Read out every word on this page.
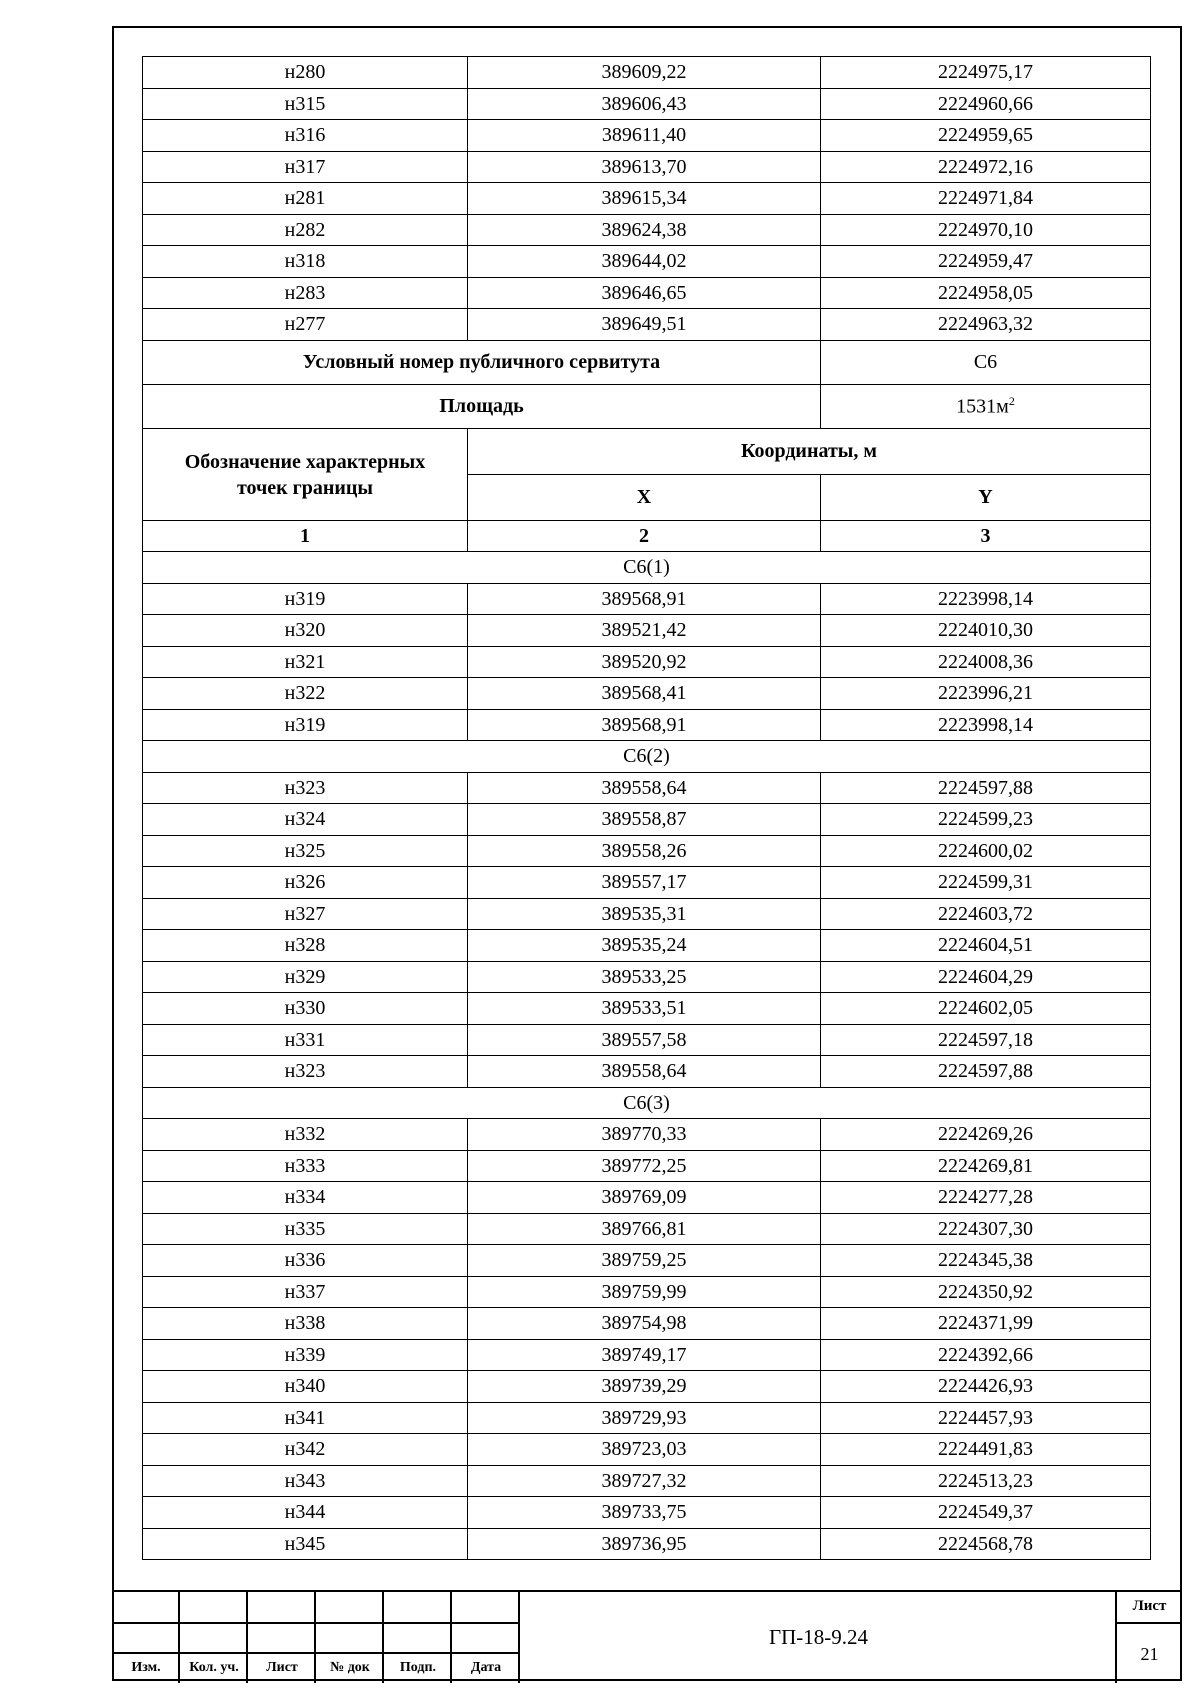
н280	389609,22	2224975,17
н315	389606,43	2224960,66
н316	389611,40	2224959,65
н317	389613,70	2224972,16
н281	389615,34	2224971,84
н282	389624,38	2224970,10
н318	389644,02	2224959,47
н283	389646,65	2224958,05
н277	389649,51	2224963,32
Условный номер публичного сервитута		С6
Площадь		$1531м^2$
Обозначение характерных
точек границы	Координаты, м	
	X	Y
1	2	3
С6(1)		
н319	389568,91	2223998,14
н320	389521,42	2224010,30
н321	389520,92	2224008,36
н322	389568,41	2223996,21
н319	389568,91	2223998,14
С6(2)		
н323	389558,64	2224597,88
н324	389558,87	2224599,23
н325	389558,26	2224600,02
н326	389557,17	2224599,31
н327	389535,31	2224603,72
н328	389535,24	2224604,51
н329	389533,25	2224604,29
н330	389533,51	2224602,05
н331	389557,58	2224597,18
н323	389558,64	2224597,88
С6(3)		
н332	389770,33	2224269,26
н333	389772,25	2224269,81
н334	389769,09	2224277,28
н335	389766,81	2224307,30
н336	389759,25	2224345,38
н337	389759,99	2224350,92
н338	389754,98	2224371,99
н339	389749,17	2224392,66
н340	389739,29	2224426,93
н341	389729,93	2224457,93
н342	389723,03	2224491,83
н343	389727,32	2224513,23
н344	389733,75	2224549,37
н345	389736,95	2224568,78
Изм.	Кол. уч.	Лист	№ док	Подп.	Дата
ГП-18-9.24
Лист
21
